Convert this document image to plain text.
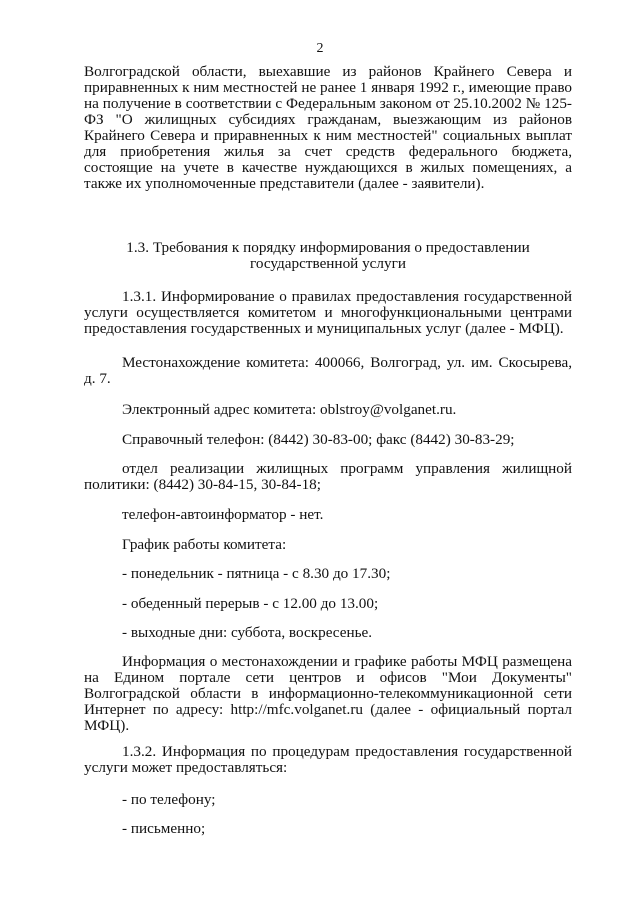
2
Волгоградской области, выехавшие из районов Крайнего Севера и приравненных к ним местностей не ранее 1 января 1992 г., имеющие право на получение в соответствии с Федеральным законом от 25.10.2002 № 125-ФЗ "О жилищных субсидиях гражданам, выезжающим из районов Крайнего Севера и приравненных к ним местностей" социальных выплат для приобретения жилья за счет средств федерального бюджета, состоящие на учете в качестве нуждающихся в жилых помещениях, а также их уполномоченные представители (далее - заявители).
1.3. Требования к порядку информирования о предоставлении государственной услуги
1.3.1. Информирование о правилах предоставления государственной услуги осуществляется комитетом и многофункциональными центрами предоставления государственных и муниципальных услуг (далее - МФЦ).
Местонахождение комитета: 400066, Волгоград, ул. им. Скосырева, д. 7.
Электронный адрес комитета: oblstroy@volganet.ru.
Справочный телефон: (8442) 30-83-00; факс (8442) 30-83-29;
отдел реализации жилищных программ управления жилищной политики: (8442) 30-84-15, 30-84-18;
телефон-автоинформатор - нет.
График работы комитета:
- понедельник - пятница - с 8.30 до 17.30;
- обеденный перерыв - с 12.00 до 13.00;
- выходные дни: суббота, воскресенье.
Информация о местонахождении и графике работы МФЦ размещена на Едином портале сети центров и офисов "Мои Документы" Волгоградской области в информационно-телекоммуникационной сети Интернет по адресу: http://mfc.volganet.ru (далее - официальный портал МФЦ).
1.3.2. Информация по процедурам предоставления государственной услуги может предоставляться:
- по телефону;
- письменно;
